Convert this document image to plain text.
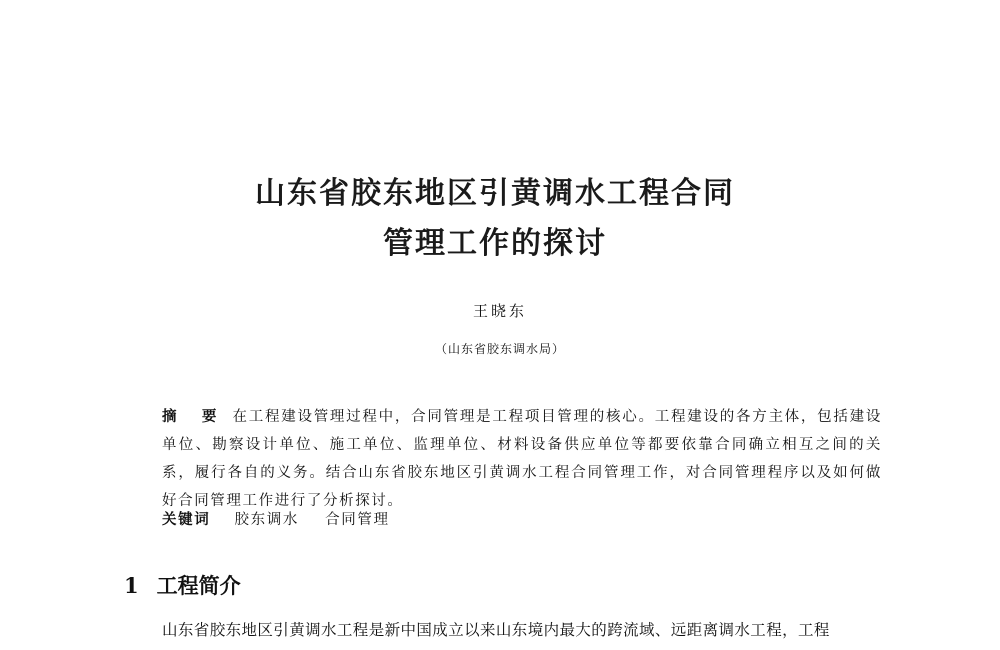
山东省胶东地区引黄调水工程合同
管理工作的探讨
王晓东
（山东省胶东调水局）
摘 要 在工程建设管理过程中，合同管理是工程项目管理的核心。工程建设的各方主体，包括建设单位、勘察设计单位、施工单位、监理单位、材料设备供应单位等都要依靠合同确立相互之间的关系，履行各自的义务。结合山东省胶东地区引黄调水工程合同管理工作，对合同管理程序以及如何做好合同管理工作进行了分析探讨。
关键词 胶东调水 合同管理
1 工程简介
山东省胶东地区引黄调水工程是新中国成立以来山东境内最大的跨流域、远距离调水工程，工程
